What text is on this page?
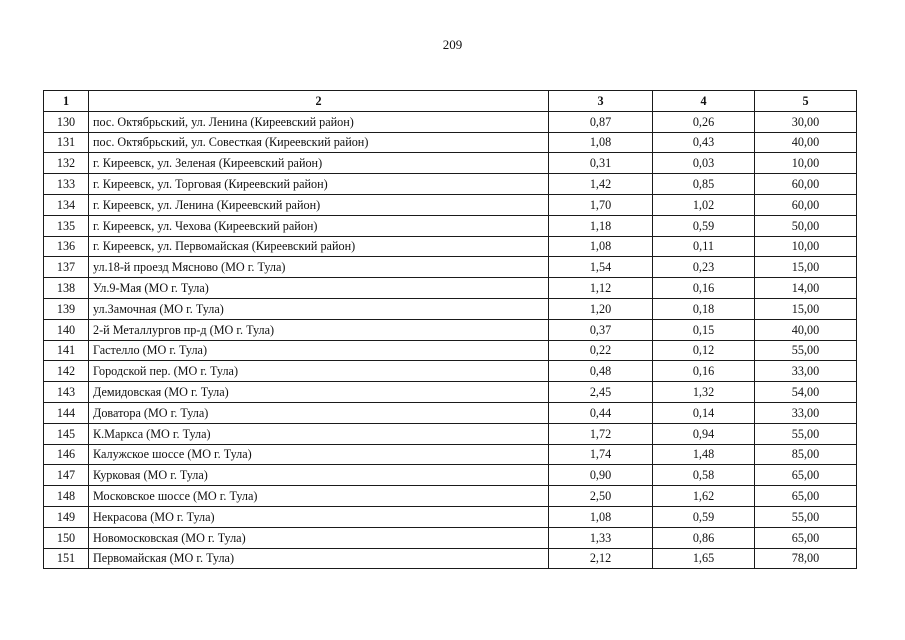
209
1	2	3	4	5
130	пос. Октябрьский, ул. Ленина (Киреевский район)	0,87	0,26	30,00
131	пос. Октябрьский, ул. Совесткая (Киреевский район)	1,08	0,43	40,00
132	г. Киреевск, ул. Зеленая (Киреевский район)	0,31	0,03	10,00
133	г. Киреевск, ул. Торговая (Киреевский район)	1,42	0,85	60,00
134	г. Киреевск, ул. Ленина (Киреевский район)	1,70	1,02	60,00
135	г. Киреевск, ул. Чехова (Киреевский район)	1,18	0,59	50,00
136	г. Киреевск, ул. Первомайская (Киреевский район)	1,08	0,11	10,00
137	ул.18-й проезд Мясново (МО г. Тула)	1,54	0,23	15,00
138	Ул.9-Мая (МО г. Тула)	1,12	0,16	14,00
139	ул.Замочная (МО г. Тула)	1,20	0,18	15,00
140	2-й Металлургов пр-д (МО г. Тула)	0,37	0,15	40,00
141	Гастелло (МО г. Тула)	0,22	0,12	55,00
142	Городской пер. (МО г. Тула)	0,48	0,16	33,00
143	Демидовская (МО г. Тула)	2,45	1,32	54,00
144	Доватора (МО г. Тула)	0,44	0,14	33,00
145	К.Маркса (МО г. Тула)	1,72	0,94	55,00
146	Калужское шоссе (МО г. Тула)	1,74	1,48	85,00
147	Курковая (МО г. Тула)	0,90	0,58	65,00
148	Московское шоссе (МО г. Тула)	2,50	1,62	65,00
149	Некрасова (МО г. Тула)	1,08	0,59	55,00
150	Новомосковская (МО г. Тула)	1,33	0,86	65,00
151	Первомайская (МО г. Тула)	2,12	1,65	78,00
